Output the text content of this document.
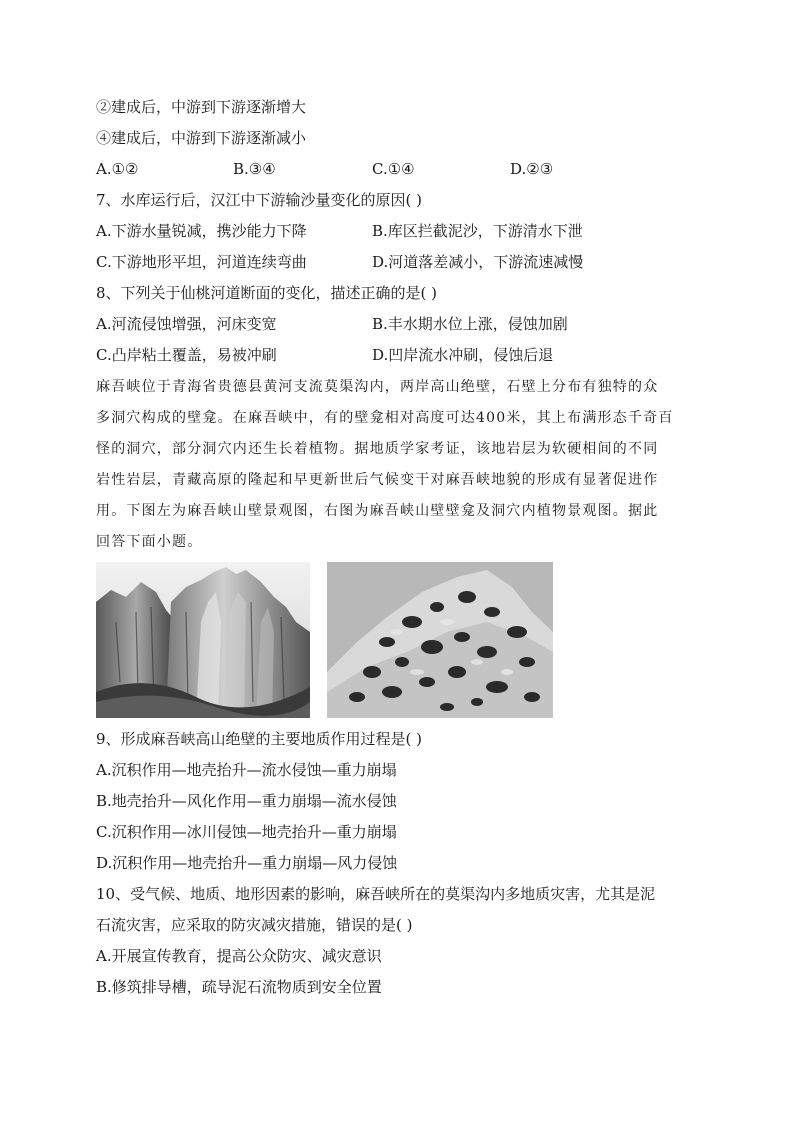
②建成后，中游到下游逐渐增大
④建成后，中游到下游逐渐减小
A.①②	B.③④	C.①④	D.②③
7、水库运行后，汉江中下游输沙量变化的原因( )
A.下游水量锐减，携沙能力下降	B.库区拦截泥沙，下游清水下泄
C.下游地形平坦，河道连续弯曲	D.河道落差减小，下游流速减慢
8、下列关于仙桃河道断面的变化，描述正确的是( )
A.河流侵蚀增强，河床变宽	B.丰水期水位上涨，侵蚀加剧
C.凸岸粘土覆盖，易被冲刷	D.凹岸流水冲刷，侵蚀后退
麻吾峡位于青海省贵德县黄河支流莫渠沟内，两岸高山绝壁，石壁上分布有独特的众
多洞穴构成的壁龛。在麻吾峡中，有的壁龛相对高度可达400米，其上布满形态千奇百
怪的洞穴，部分洞穴内还生长着植物。据地质学家考证，该地岩层为软硬相间的不同
岩性岩层，青藏高原的隆起和早更新世后气候变干对麻吾峡地貌的形成有显著促进作
用。下图左为麻吾峡山壁景观图，右图为麻吾峡山壁壁龛及洞穴内植物景观图。据此
回答下面小题。
9、形成麻吾峡高山绝壁的主要地质作用过程是( )
A.沉积作用—地壳抬升—流水侵蚀—重力崩塌
B.地壳抬升—风化作用—重力崩塌—流水侵蚀
C.沉积作用—冰川侵蚀—地壳抬升—重力崩塌
D.沉积作用—地壳抬升—重力崩塌—风力侵蚀
10、受气候、地质、地形因素的影响，麻吾峡所在的莫渠沟内多地质灾害，尤其是泥
石流灾害，应采取的防灾减灾措施，错误的是( )
A.开展宣传教育，提高公众防灾、减灾意识
B.修筑排导槽，疏导泥石流物质到安全位置
